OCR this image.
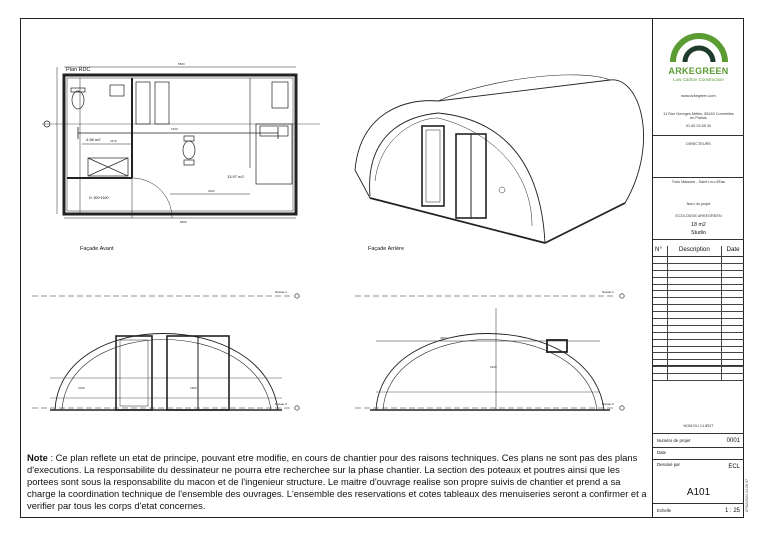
Plan RDC
5800
1500
2470
2920
5800
4.98 m2
13.97 m2
D: 900*1600
Façade Avant
Niveau 1
Niveau 0
1000	1800
Façade Arrière
Niveau 1
Niveau 0
4500
2300
Note : Ce plan reflete un etat de principe, pouvant etre modifie, en cours de chantier pour des raisons techniques. Ces plans ne sont pas des plans d'executions. La responsabilite du dessinateur ne pourra etre recherchee sur la phase chantier. La section des poteaux et poutres ainsi que les portees sont sous la responsabilite du macon et de l'ingenieur structure. Le maitre d'ouvrage realise son propre suivis de chantier et prend a sa charge la coordination technique de l'ensemble des ouvrages. L'ensemble des reservations et cotes tableaux des menuiseries seront a confirmer et a verifier par tous les corps d'etat concernes.
ARKEGREEN
Low Carbon Construction
www.arkegreen.com
11 Rue Georges Mélès, 95240 Cormeilles en Parisis
01 60 03 65 00
DIRECTEURS
Trois Maisons - Saint Leu d'Eau
Nom du projet
ECOLODGE ARKEGREEN
18 m2
Studio
N°	Description	Date
NOM DU CLIENT
Numéro de projet	0001
Date
Dessiné par	ECL
A101
Echelle	1 : 25 07/02/2024 14:26:37
